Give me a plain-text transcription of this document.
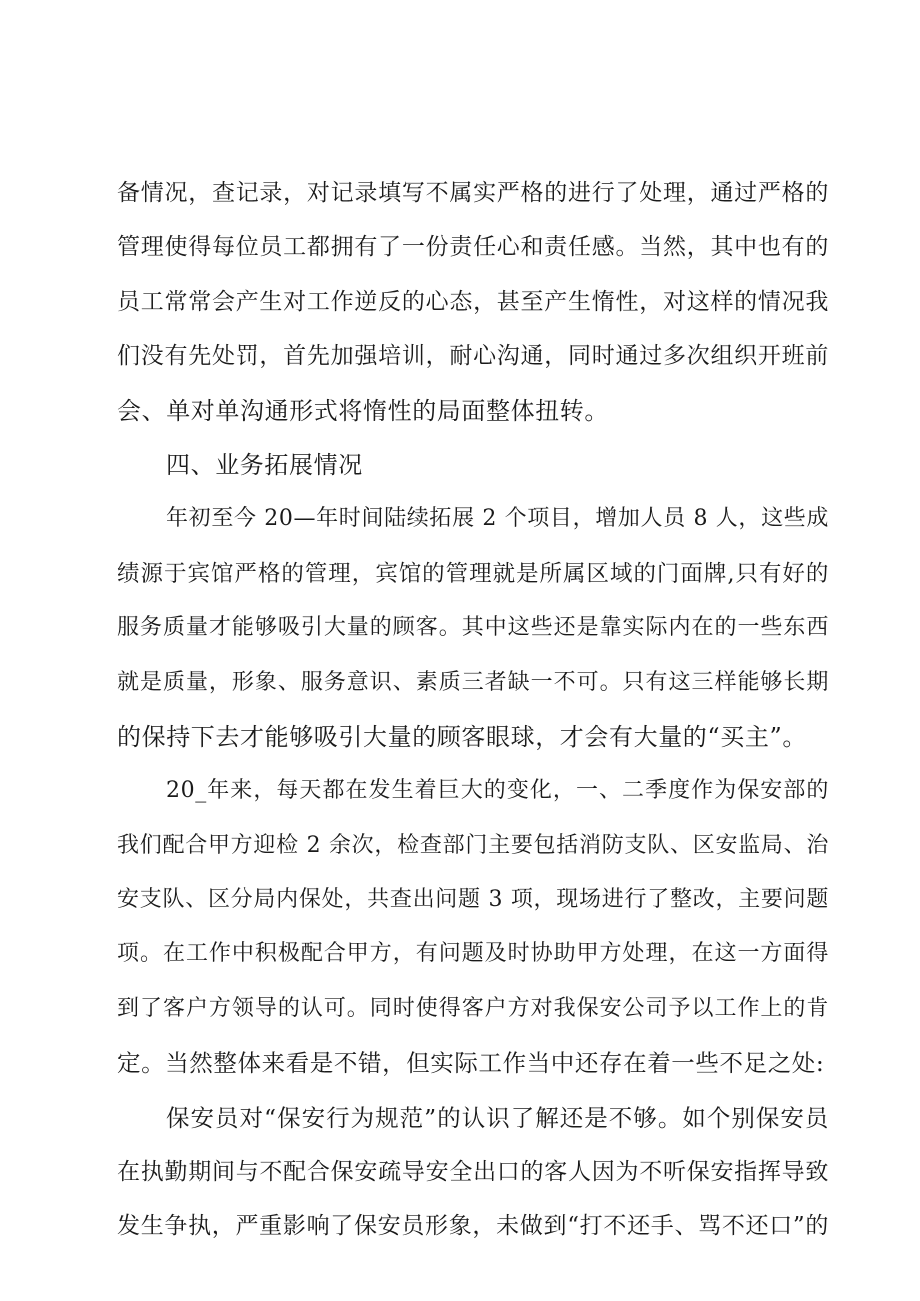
备情况，查记录，对记录填写不属实严格的进行了处理，通过严格的
管理使得每位员工都拥有了一份责任心和责任感。当然，其中也有的
员工常常会产生对工作逆反的心态，甚至产生惰性，对这样的情况我
们没有先处罚，首先加强培训，耐心沟通，同时通过多次组织开班前
会、单对单沟通形式将惰性的局面整体扭转。
四、业务拓展情况
年初至今 20—年时间陆续拓展 2 个项目，增加人员 8 人，这些成
绩源于宾馆严格的管理，宾馆的管理就是所属区域的门面牌,只有好的
服务质量才能够吸引大量的顾客。其中这些还是靠实际内在的一些东西
就是质量，形象、服务意识、素质三者缺一不可。只有这三样能够长期
的保持下去才能够吸引大量的顾客眼球，才会有大量的“买主”。
20_年来，每天都在发生着巨大的变化，一、二季度作为保安部的
我们配合甲方迎检 2 余次，检查部门主要包括消防支队、区安监局、治
安支队、区分局内保处，共查出问题 3 项，现场进行了整改，主要问题
项。在工作中积极配合甲方，有问题及时协助甲方处理，在这一方面得
到了客户方领导的认可。同时使得客户方对我保安公司予以工作上的肯
定。当然整体来看是不错，但实际工作当中还存在着一些不足之处:
保安员对“保安行为规范”的认识了解还是不够。如个别保安员
在执勤期间与不配合保安疏导安全出口的客人因为不听保安指挥导致
发生争执，严重影响了保安员形象，未做到“打不还手、骂不还口”的
